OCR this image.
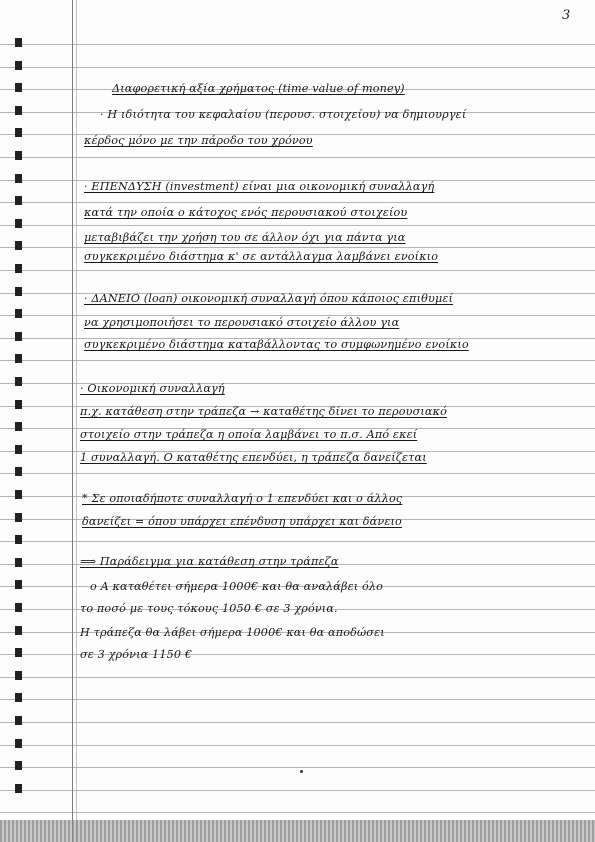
3
Διαφορετική αξία χρήματος (time value of money)
· Η ιδιότητα του κεφαλαίου (περουσ. στοιχείου) να δημιουργεί
κέρδος μόνο με την πάροδο του χρόνου
· ΕΠΕΝΔΥΣΗ (investment) είναι μια οικονομική συναλλαγή
κατά την οποία ο κάτοχος ενός περουσιακού στοιχείου
μεταβιβάζει την χρήση του σε άλλον όχι για πάντα για
συγκεκριμένο διάστημα κ' σε αντάλλαγμα λαμβάνει ενοίκιο
· ΔΑΝΕΙΟ (loan) οικονομική συναλλαγή όπου κάποιος επιθυμεί
να χρησιμοποιήσει το περουσιακό στοιχείο άλλου για
συγκεκριμένο διάστημα καταβάλλοντας το συμφωνημένο ενοίκιο
· Οικονομική συναλλαγή
π.χ. κατάθεση στην τράπεζα → καταθέτης δίνει το περουσιακό
στοιχείο στην τράπεζα η οποία λαμβάνει το π.σ. Από εκεί
1 συναλλαγή. Ο καταθέτης επενδύει, η τράπεζα δανείζεται
* Σε οποιαδήποτε συναλλαγή ο 1 επενδύει και ο άλλος
δανείζει = όπου υπάρχει επένδυση υπάρχει και δάνειο
⟹ Παράδειγμα για κατάθεση στην τράπεζα
ο Α καταθέτει σήμερα 1000€ και θα αναλάβει όλο
το ποσό με τους τόκους 1050 € σε 3 χρόνια.
Η τράπεζα θα λάβει σήμερα 1000€ και θα αποδώσει
σε 3 χρόνια 1150 €
